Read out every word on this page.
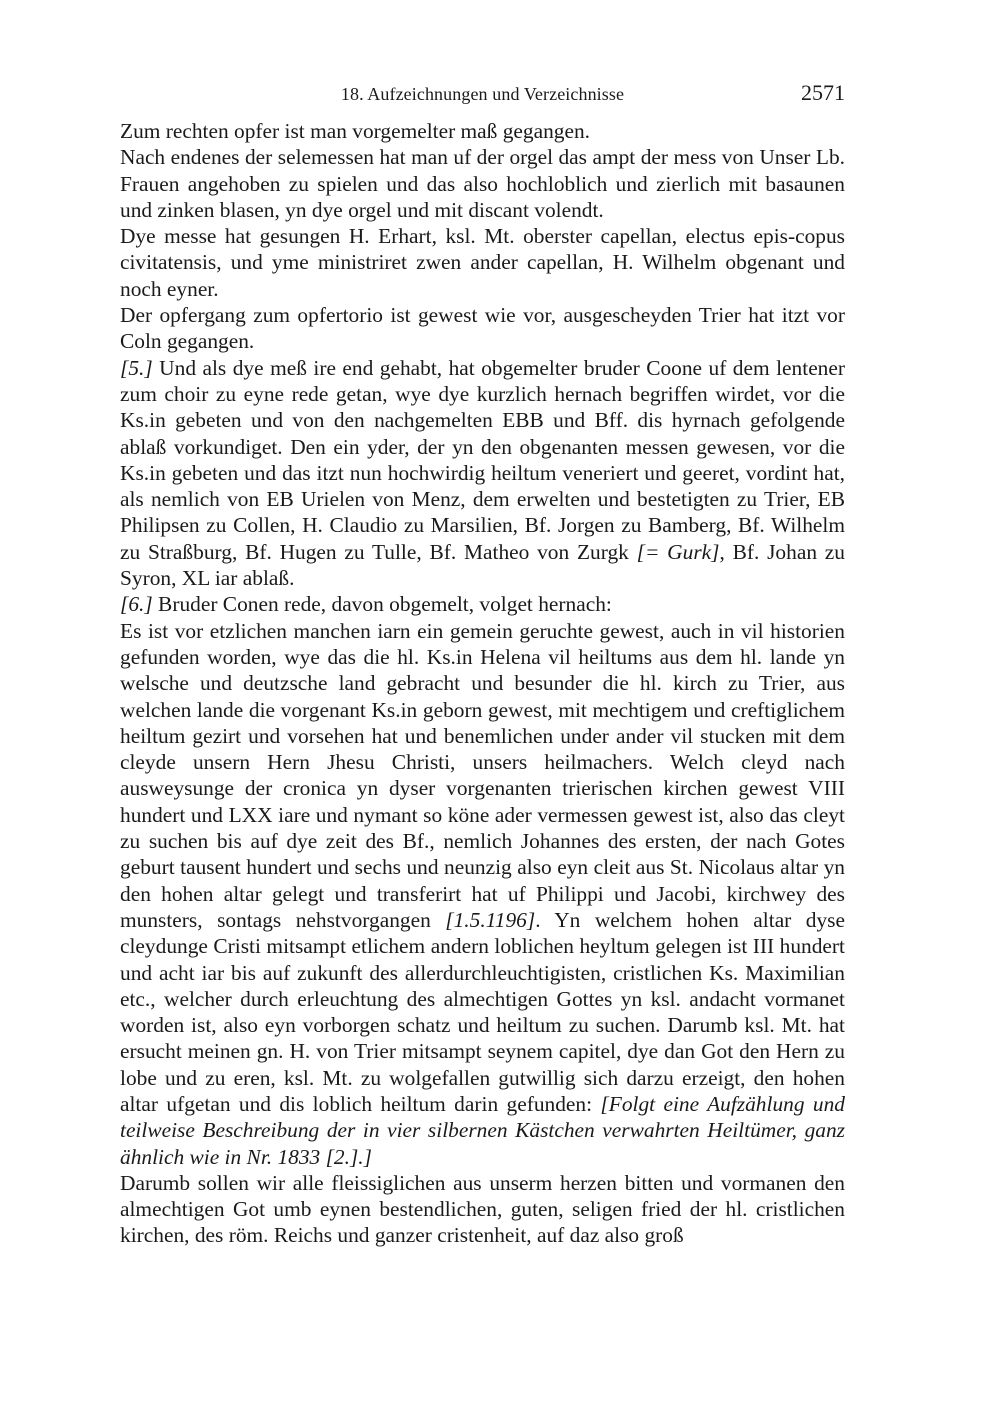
18. Aufzeichnungen und Verzeichnisse	2571

Zum rechten opfer ist man vorgemelter maß gegangen.

Nach endenes der selemessen hat man uf der orgel das ampt der mess von Unser Lb. Frauen angehoben zu spielen und das also hochloblich und zierlich mit basaunen und zinken blasen, yn dye orgel und mit discant volendt.

Dye messe hat gesungen H. Erhart, ksl. Mt. oberster capellan, electus epis-copus civitatensis, und yme ministriret zwen ander capellan, H. Wilhelm obgenant und noch eyner.

Der opfergang zum opfertorio ist gewest wie vor, ausgescheyden Trier hat itzt vor Coln gegangen.

[5.] Und als dye meß ire end gehabt, hat obgemelter bruder Coone uf dem lentener zum choir zu eyne rede getan, wye dye kurzlich hernach begriffen wirdet, vor die Ks.in gebeten und von den nachgemelten EBB und Bff. dis hyrnach gefolgende ablaß vorkundiget. Den ein yder, der yn den obgenanten messen gewesen, vor die Ks.in gebeten und das itzt nun hochwirdig heiltum veneriert und geeret, vordint hat, als nemlich von EB Urielen von Menz, dem erwelten und bestetigten zu Trier, EB Philipsen zu Collen, H. Claudio zu Marsilien, Bf. Jorgen zu Bamberg, Bf. Wilhelm zu Straßburg, Bf. Hugen zu Tulle, Bf. Matheo von Zurgk [= Gurk], Bf. Johan zu Syron, XL iar ablaß.

[6.] Bruder Conen rede, davon obgemelt, volget hernach:

Es ist vor etzlichen manchen iarn ein gemein geruchte gewest, auch in vil historien gefunden worden, wye das die hl. Ks.in Helena vil heiltums aus dem hl. lande yn welsche und deutzsche land gebracht und besunder die hl. kirch zu Trier, aus welchen lande die vorgenant Ks.in geborn gewest, mit mechtigem und creftiglichem heiltum gezirt und vorsehen hat und benemlichen under ander vil stucken mit dem cleyde unsern Hern Jhesu Christi, unsers heilmachers. Welch cleyd nach ausweysunge der cronica yn dyser vorgenanten trierischen kirchen gewest VIII hundert und LXX iare und nymant so köne ader vermessen gewest ist, also das cleyt zu suchen bis auf dye zeit des Bf., nemlich Johannes des ersten, der nach Gotes geburt tausent hundert und sechs und neunzig also eyn cleit aus St. Nicolaus altar yn den hohen altar gelegt und transferirt hat uf Philippi und Jacobi, kirchwey des munsters, sontags nehstvorgangen [1.5.1196]. Yn welchem hohen altar dyse cleydunge Cristi mitsampt etlichem andern loblichen heyltum gelegen ist III hundert und acht iar bis auf zukunft des allerdurchleuchtigisten, cristlichen Ks. Maximilian etc., welcher durch erleuchtung des almechtigen Gottes yn ksl. andacht vormanet worden ist, also eyn vorborgen schatz und heiltum zu suchen. Darumb ksl. Mt. hat ersucht meinen gn. H. von Trier mitsampt seynem capitel, dye dan Got den Hern zu lobe und zu eren, ksl. Mt. zu wolgefallen gutwillig sich darzu erzeigt, den hohen altar ufgetan und dis loblich heiltum darin gefunden: [Folgt eine Aufzählung und teilweise Beschreibung der in vier silbernen Kästchen verwahrten Heiltümer, ganz ähnlich wie in Nr. 1833 [2.].]

Darumb sollen wir alle fleissiglichen aus unserm herzen bitten und vormanen den almechtigen Got umb eynen bestendlichen, guten, seligen fried der hl. cristlichen kirchen, des röm. Reichs und ganzer cristenheit, auf daz also groß
